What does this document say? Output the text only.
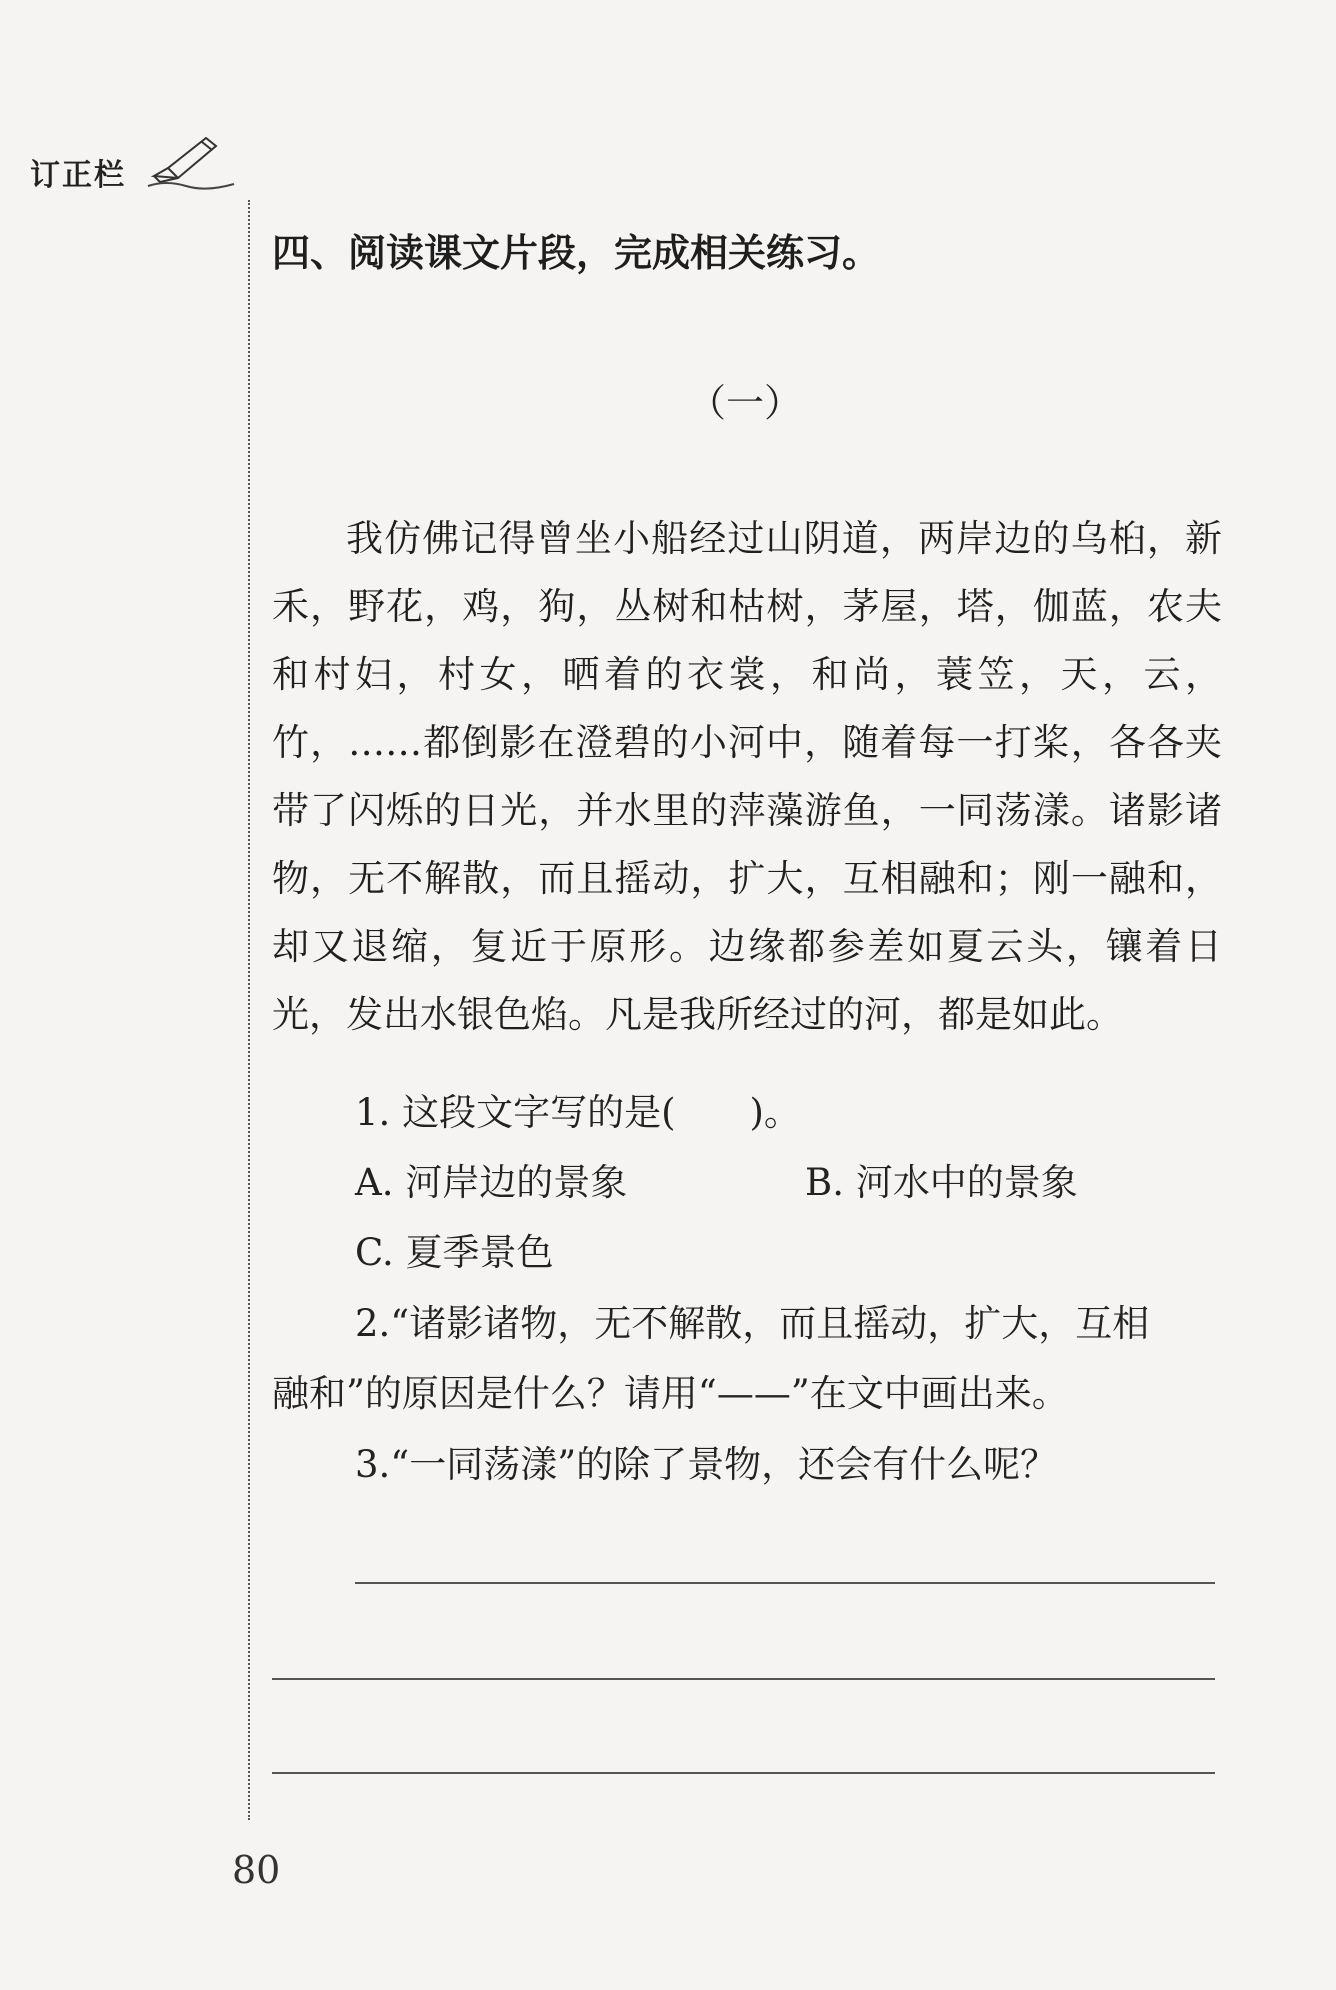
订正栏
四、阅读课文片段，完成相关练习。
（一）

我仿佛记得曾坐小船经过山阴道，两岸边的乌桕，新禾，野花，鸡，狗，丛树和枯树，茅屋，塔，伽蓝，农夫和村妇，村女，晒着的衣裳，和尚，蓑笠，天，云，竹，……都倒影在澄碧的小河中，随着每一打桨，各各夹带了闪烁的日光，并水里的萍藻游鱼，一同荡漾。诸影诸物，无不解散，而且摇动，扩大，互相融和；刚一融和，却又退缩，复近于原形。边缘都参差如夏云头，镶着日光，发出水银色焰。凡是我所经过的河，都是如此。

1. 这段文字写的是(　　)。
A. 河岸边的景象	B. 河水中的景象
C. 夏季景色
2.“诸影诸物，无不解散，而且摇动，扩大，互相
融和”的原因是什么？请用“——”在文中画出来。
3.“一同荡漾”的除了景物，还会有什么呢？
80
